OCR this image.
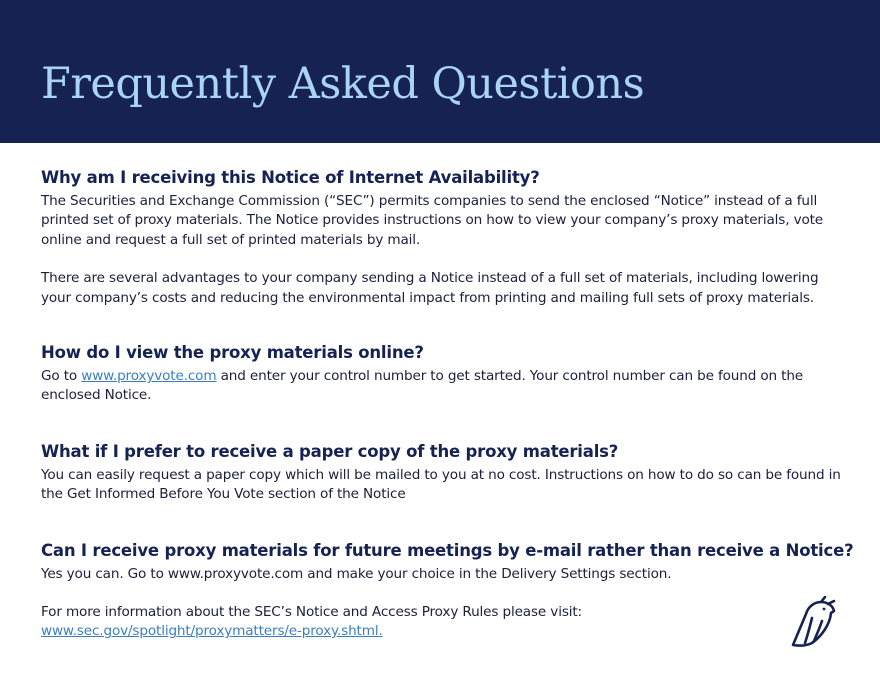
Frequently Asked Questions
Why am I receiving this Notice of Internet Availability?

The Securities and Exchange Commission (“SEC”) permits companies to send the enclosed “Notice” instead of a full printed set of proxy materials. The Notice provides instructions on how to view your company’s proxy materials, vote online and request a full set of printed materials by mail.

There are several advantages to your company sending a Notice instead of a full set of materials, including lowering your company’s costs and reducing the environmental impact from printing and mailing full sets of proxy materials.

How do I view the proxy materials online?

Go to www.proxyvote.com and enter your control number to get started. Your control number can be found on the enclosed Notice.

What if I prefer to receive a paper copy of the proxy materials?

You can easily request a paper copy which will be mailed to you at no cost. Instructions on how to do so can be found in the Get Informed Before You Vote section of the Notice

Can I receive proxy materials for future meetings by e-mail rather than receive a Notice?

Yes you can. Go to www.proxyvote.com and make your choice in the Delivery Settings section.

For more information about the SEC’s Notice and Access Proxy Rules please visit:
www.sec.gov/spotlight/proxymatters/e-proxy.shtml.
